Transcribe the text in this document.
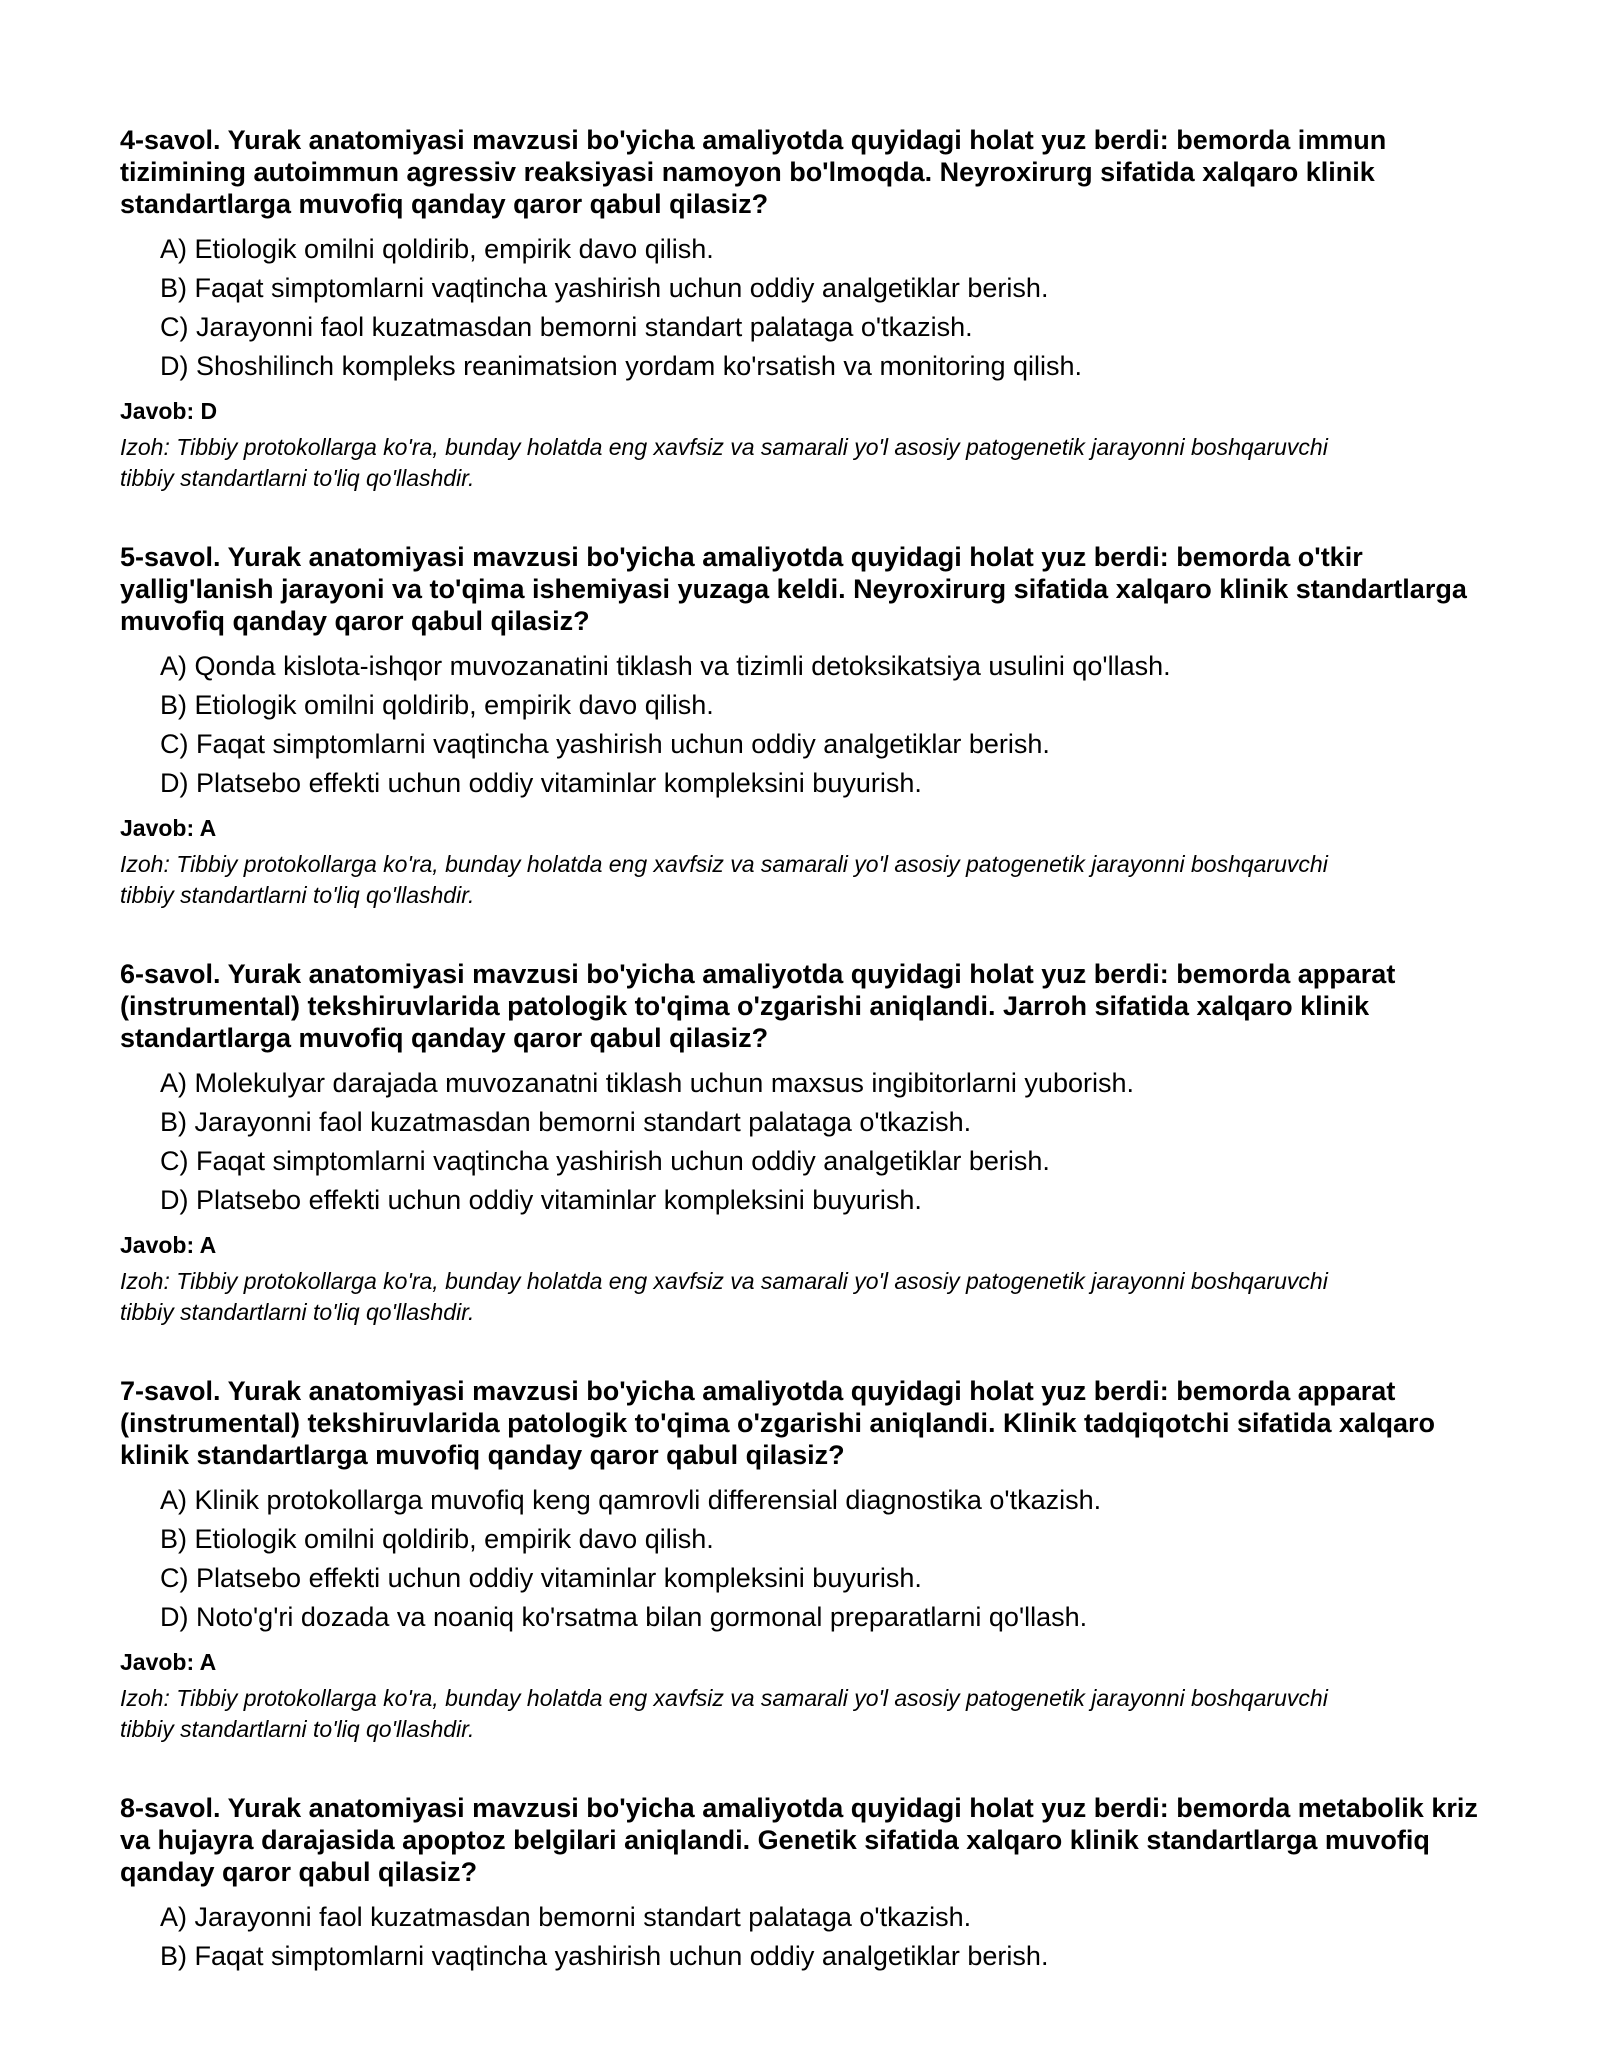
4-savol. Yurak anatomiyasi mavzusi bo'yicha amaliyotda quyidagi holat yuz berdi: bemorda immun tizimining autoimmun agressiv reaksiyasi namoyon bo'lmoqda. Neyroxirurg sifatida xalqaro klinik standartlarga muvofiq qanday qaror qabul qilasiz?

A) Etiologik omilni qoldirib, empirik davo qilish.
B) Faqat simptomlarni vaqtincha yashirish uchun oddiy analgetiklar berish.
C) Jarayonni faol kuzatmasdan bemorni standart palataga o'tkazish.
D) Shoshilinch kompleks reanimatsion yordam ko'rsatish va monitoring qilish.

Javob: D

Izoh: Tibbiy protokollarga ko'ra, bunday holatda eng xavfsiz va samarali yo'l asosiy patogenetik jarayonni boshqaruvchi tibbiy standartlarni to'liq qo'llashdir.

5-savol. Yurak anatomiyasi mavzusi bo'yicha amaliyotda quyidagi holat yuz berdi: bemorda o'tkir yallig'lanish jarayoni va to'qima ishemiyasi yuzaga keldi. Neyroxirurg sifatida xalqaro klinik standartlarga muvofiq qanday qaror qabul qilasiz?

A) Qonda kislota-ishqor muvozanatini tiklash va tizimli detoksikatsiya usulini qo'llash.
B) Etiologik omilni qoldirib, empirik davo qilish.
C) Faqat simptomlarni vaqtincha yashirish uchun oddiy analgetiklar berish.
D) Platsebo effekti uchun oddiy vitaminlar kompleksini buyurish.

Javob: A

Izoh: Tibbiy protokollarga ko'ra, bunday holatda eng xavfsiz va samarali yo'l asosiy patogenetik jarayonni boshqaruvchi tibbiy standartlarni to'liq qo'llashdir.

6-savol. Yurak anatomiyasi mavzusi bo'yicha amaliyotda quyidagi holat yuz berdi: bemorda apparat (instrumental) tekshiruvlarida patologik to'qima o'zgarishi aniqlandi. Jarroh sifatida xalqaro klinik standartlarga muvofiq qanday qaror qabul qilasiz?

A) Molekulyar darajada muvozanatni tiklash uchun maxsus ingibitorlarni yuborish.
B) Jarayonni faol kuzatmasdan bemorni standart palataga o'tkazish.
C) Faqat simptomlarni vaqtincha yashirish uchun oddiy analgetiklar berish.
D) Platsebo effekti uchun oddiy vitaminlar kompleksini buyurish.

Javob: A

Izoh: Tibbiy protokollarga ko'ra, bunday holatda eng xavfsiz va samarali yo'l asosiy patogenetik jarayonni boshqaruvchi tibbiy standartlarni to'liq qo'llashdir.

7-savol. Yurak anatomiyasi mavzusi bo'yicha amaliyotda quyidagi holat yuz berdi: bemorda apparat (instrumental) tekshiruvlarida patologik to'qima o'zgarishi aniqlandi. Klinik tadqiqotchi sifatida xalqaro klinik standartlarga muvofiq qanday qaror qabul qilasiz?

A) Klinik protokollarga muvofiq keng qamrovli differensial diagnostika o'tkazish.
B) Etiologik omilni qoldirib, empirik davo qilish.
C) Platsebo effekti uchun oddiy vitaminlar kompleksini buyurish.
D) Noto'g'ri dozada va noaniq ko'rsatma bilan gormonal preparatlarni qo'llash.

Javob: A

Izoh: Tibbiy protokollarga ko'ra, bunday holatda eng xavfsiz va samarali yo'l asosiy patogenetik jarayonni boshqaruvchi tibbiy standartlarni to'liq qo'llashdir.

8-savol. Yurak anatomiyasi mavzusi bo'yicha amaliyotda quyidagi holat yuz berdi: bemorda metabolik kriz va hujayra darajasida apoptoz belgilari aniqlandi. Genetik sifatida xalqaro klinik standartlarga muvofiq qanday qaror qabul qilasiz?

A) Jarayonni faol kuzatmasdan bemorni standart palataga o'tkazish.
B) Faqat simptomlarni vaqtincha yashirish uchun oddiy analgetiklar berish.
